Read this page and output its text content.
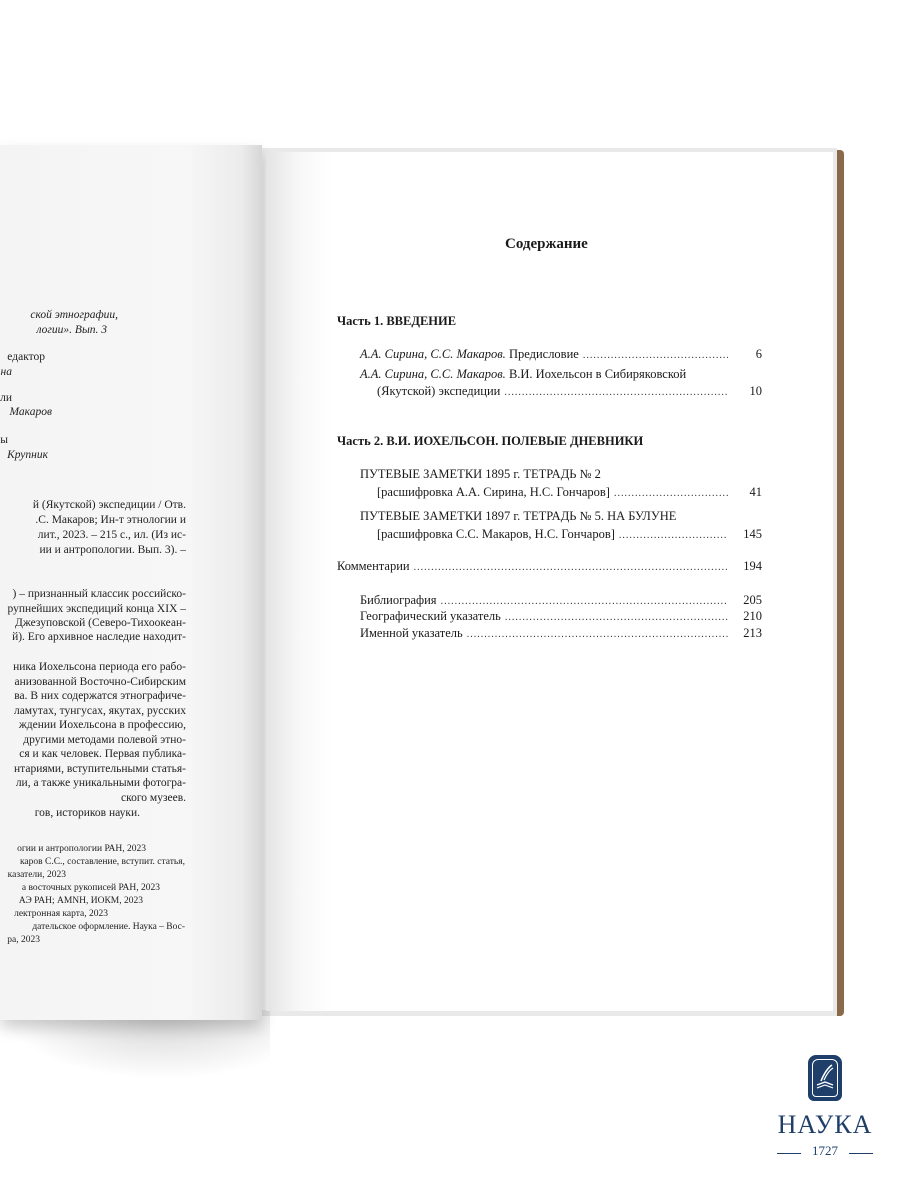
ской этнографии,
логии». Вып. 3
едактор
на
ли
Макаров
ы
Крупник
й (Якутской) экспедиции / Отв.
.С. Макаров; Ин-т этнологии и
лит., 2023. – 215 с., ил. (Из ис-
ии и антропологии. Вып. 3). –
) – признанный классик российско-
рупнейших экспедиций конца XIX –
Джезуповской (Северо-Тихоокеан-
й). Его архивное наследие находит-
ника Иохельсона периода его рабо-
анизованной Восточно-Сибирским
ва. В них содержатся этнографиче-
ламутах, тунгусах, якутах, русских
ждении Иохельсона в профессию,
другими методами полевой этно-
ся и как человек. Первая публика-
нтариями, вступительными статья-
ли, а также уникальными фотогра-
ского музеев.
гов, историков науки.
огии и антропологии РАН, 2023
каров С.С., составление, вступит. статья,
казатели, 2023
а восточных рукописей РАН, 2023
АЭ РАН; AMNH, ИОКМ, 2023
лектронная карта, 2023
дательское оформление. Наука – Вос-
ра, 2023
Содержание
Часть 1. ВВЕДЕНИЕ
А.А. Сирина, С.С. Макаров. Предисловие .....	6
А.А. Сирина, С.С. Макаров. В.И. Иохельсон в Сибиряковской
(Якутской) экспедиции .....	10
Часть 2. В.И. ИОХЕЛЬСОН. ПОЛЕВЫЕ ДНЕВНИКИ
ПУТЕВЫЕ ЗАМЕТКИ 1895 г. ТЕТРАДЬ № 2
[расшифровка А.А. Сирина, Н.С. Гончаров] .....	41
ПУТЕВЫЕ ЗАМЕТКИ 1897 г. ТЕТРАДЬ № 5. НА БУЛУНЕ
[расшифровка С.С. Макаров, Н.С. Гончаров] .....	145
Комментарии .....	194
Библиография .....	205
Географический указатель .....	210
Именной указатель .....	213
НАУКА
1727
